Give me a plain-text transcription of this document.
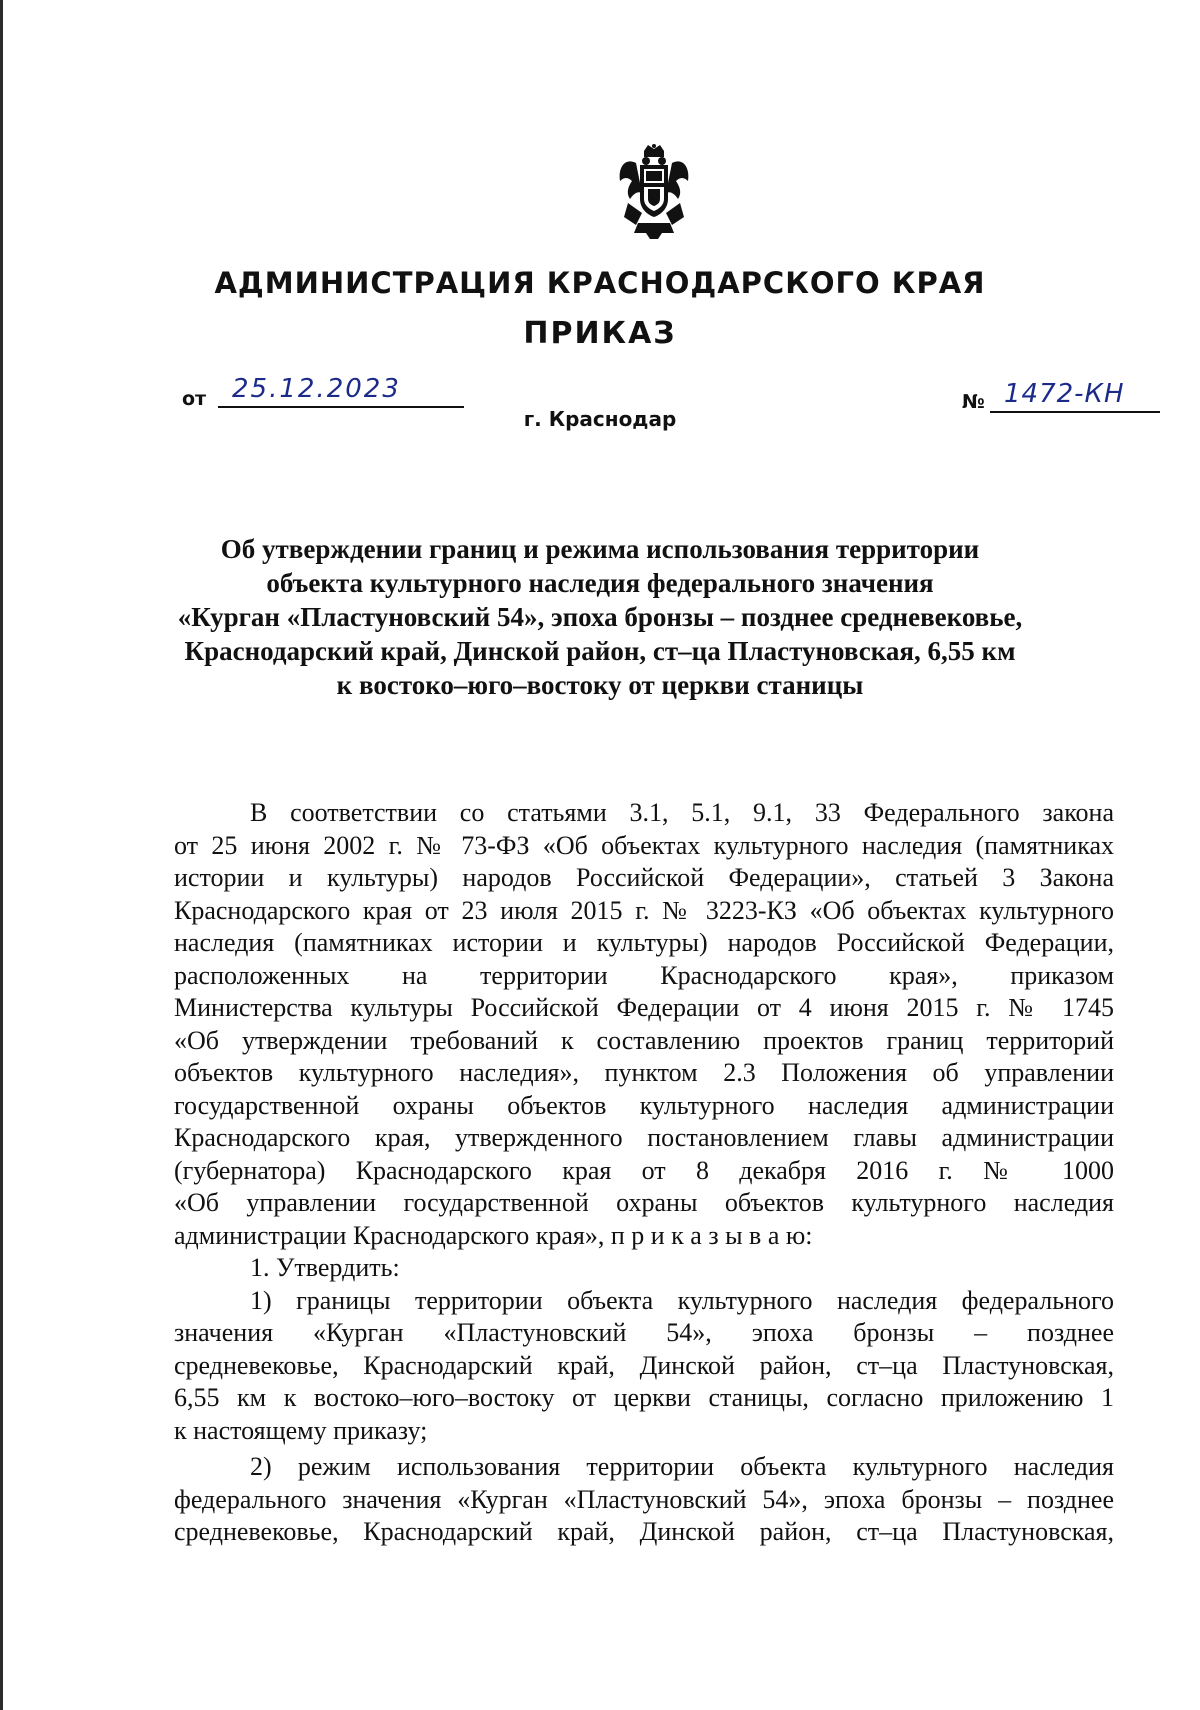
АДМИНИСТРАЦИЯ КРАСНОДАРСКОГО КРАЯ
ПРИКАЗ
от 25.12.2023
г. Краснодар
№ 1472-КН
Об утверждении границ и режима использования территории
объекта культурного наследия федерального значения
«Курган «Пластуновский 54», эпоха бронзы – позднее средневековье,
Краснодарский край, Динской район, ст–ца Пластуновская, 6,55 км
к востоко–юго–востоку от церкви станицы
В соответствии со статьями 3.1, 5.1, 9.1, 33 Федерального закона
от 25 июня 2002 г. № 73-ФЗ «Об объектах культурного наследия (памятниках
истории и культуры) народов Российской Федерации», статьей 3 Закона
Краснодарского края от 23 июля 2015 г. № 3223-КЗ «Об объектах культурного
наследия (памятниках истории и культуры) народов Российской Федерации,
расположенных на территории Краснодарского края», приказом
Министерства культуры Российской Федерации от 4 июня 2015 г. № 1745
«Об утверждении требований к составлению проектов границ территорий
объектов культурного наследия», пунктом 2.3 Положения об управлении
государственной охраны объектов культурного наследия администрации
Краснодарского края, утвержденного постановлением главы администрации
(губернатора) Краснодарского края от 8 декабря 2016 г. № 1000
«Об управлении государственной охраны объектов культурного наследия
администрации Краснодарского края», п р и к а з ы в а ю:
1. Утвердить:
1) границы территории объекта культурного наследия федерального
значения «Курган «Пластуновский 54», эпоха бронзы – позднее
средневековье, Краснодарский край, Динской район, ст–ца Пластуновская,
6,55 км к востоко–юго–востоку от церкви станицы, согласно приложению 1
к настоящему приказу;
2) режим использования территории объекта культурного наследия
федерального значения «Курган «Пластуновский 54», эпоха бронзы – позднее
средневековье, Краснодарский край, Динской район, ст–ца Пластуновская,
